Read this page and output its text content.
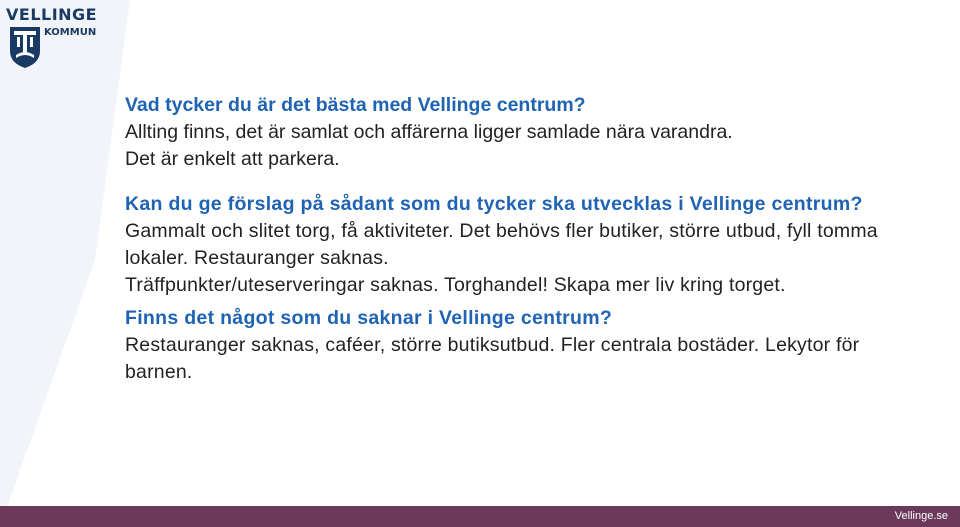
VELLINGE
KOMMUN

Vad tycker du är det bästa med Vellinge centrum?

Allting finns, det är samlat och affärerna ligger samlade nära varandra.

Det är enkelt att parkera.

Kan du ge förslag på sådant som du tycker ska utvecklas i Vellinge centrum?

Gammalt och slitet torg, få aktiviteter. Det behövs fler butiker, större utbud, fyll tomma lokaler. Restauranger saknas.

Träffpunkter/uteserveringar saknas. Torghandel! Skapa mer liv kring torget.

Finns det något som du saknar i Vellinge centrum?

Restauranger saknas, caféer, större butiksutbud. Fler centrala bostäder. Lekytor för barnen.

Vellinge.se
